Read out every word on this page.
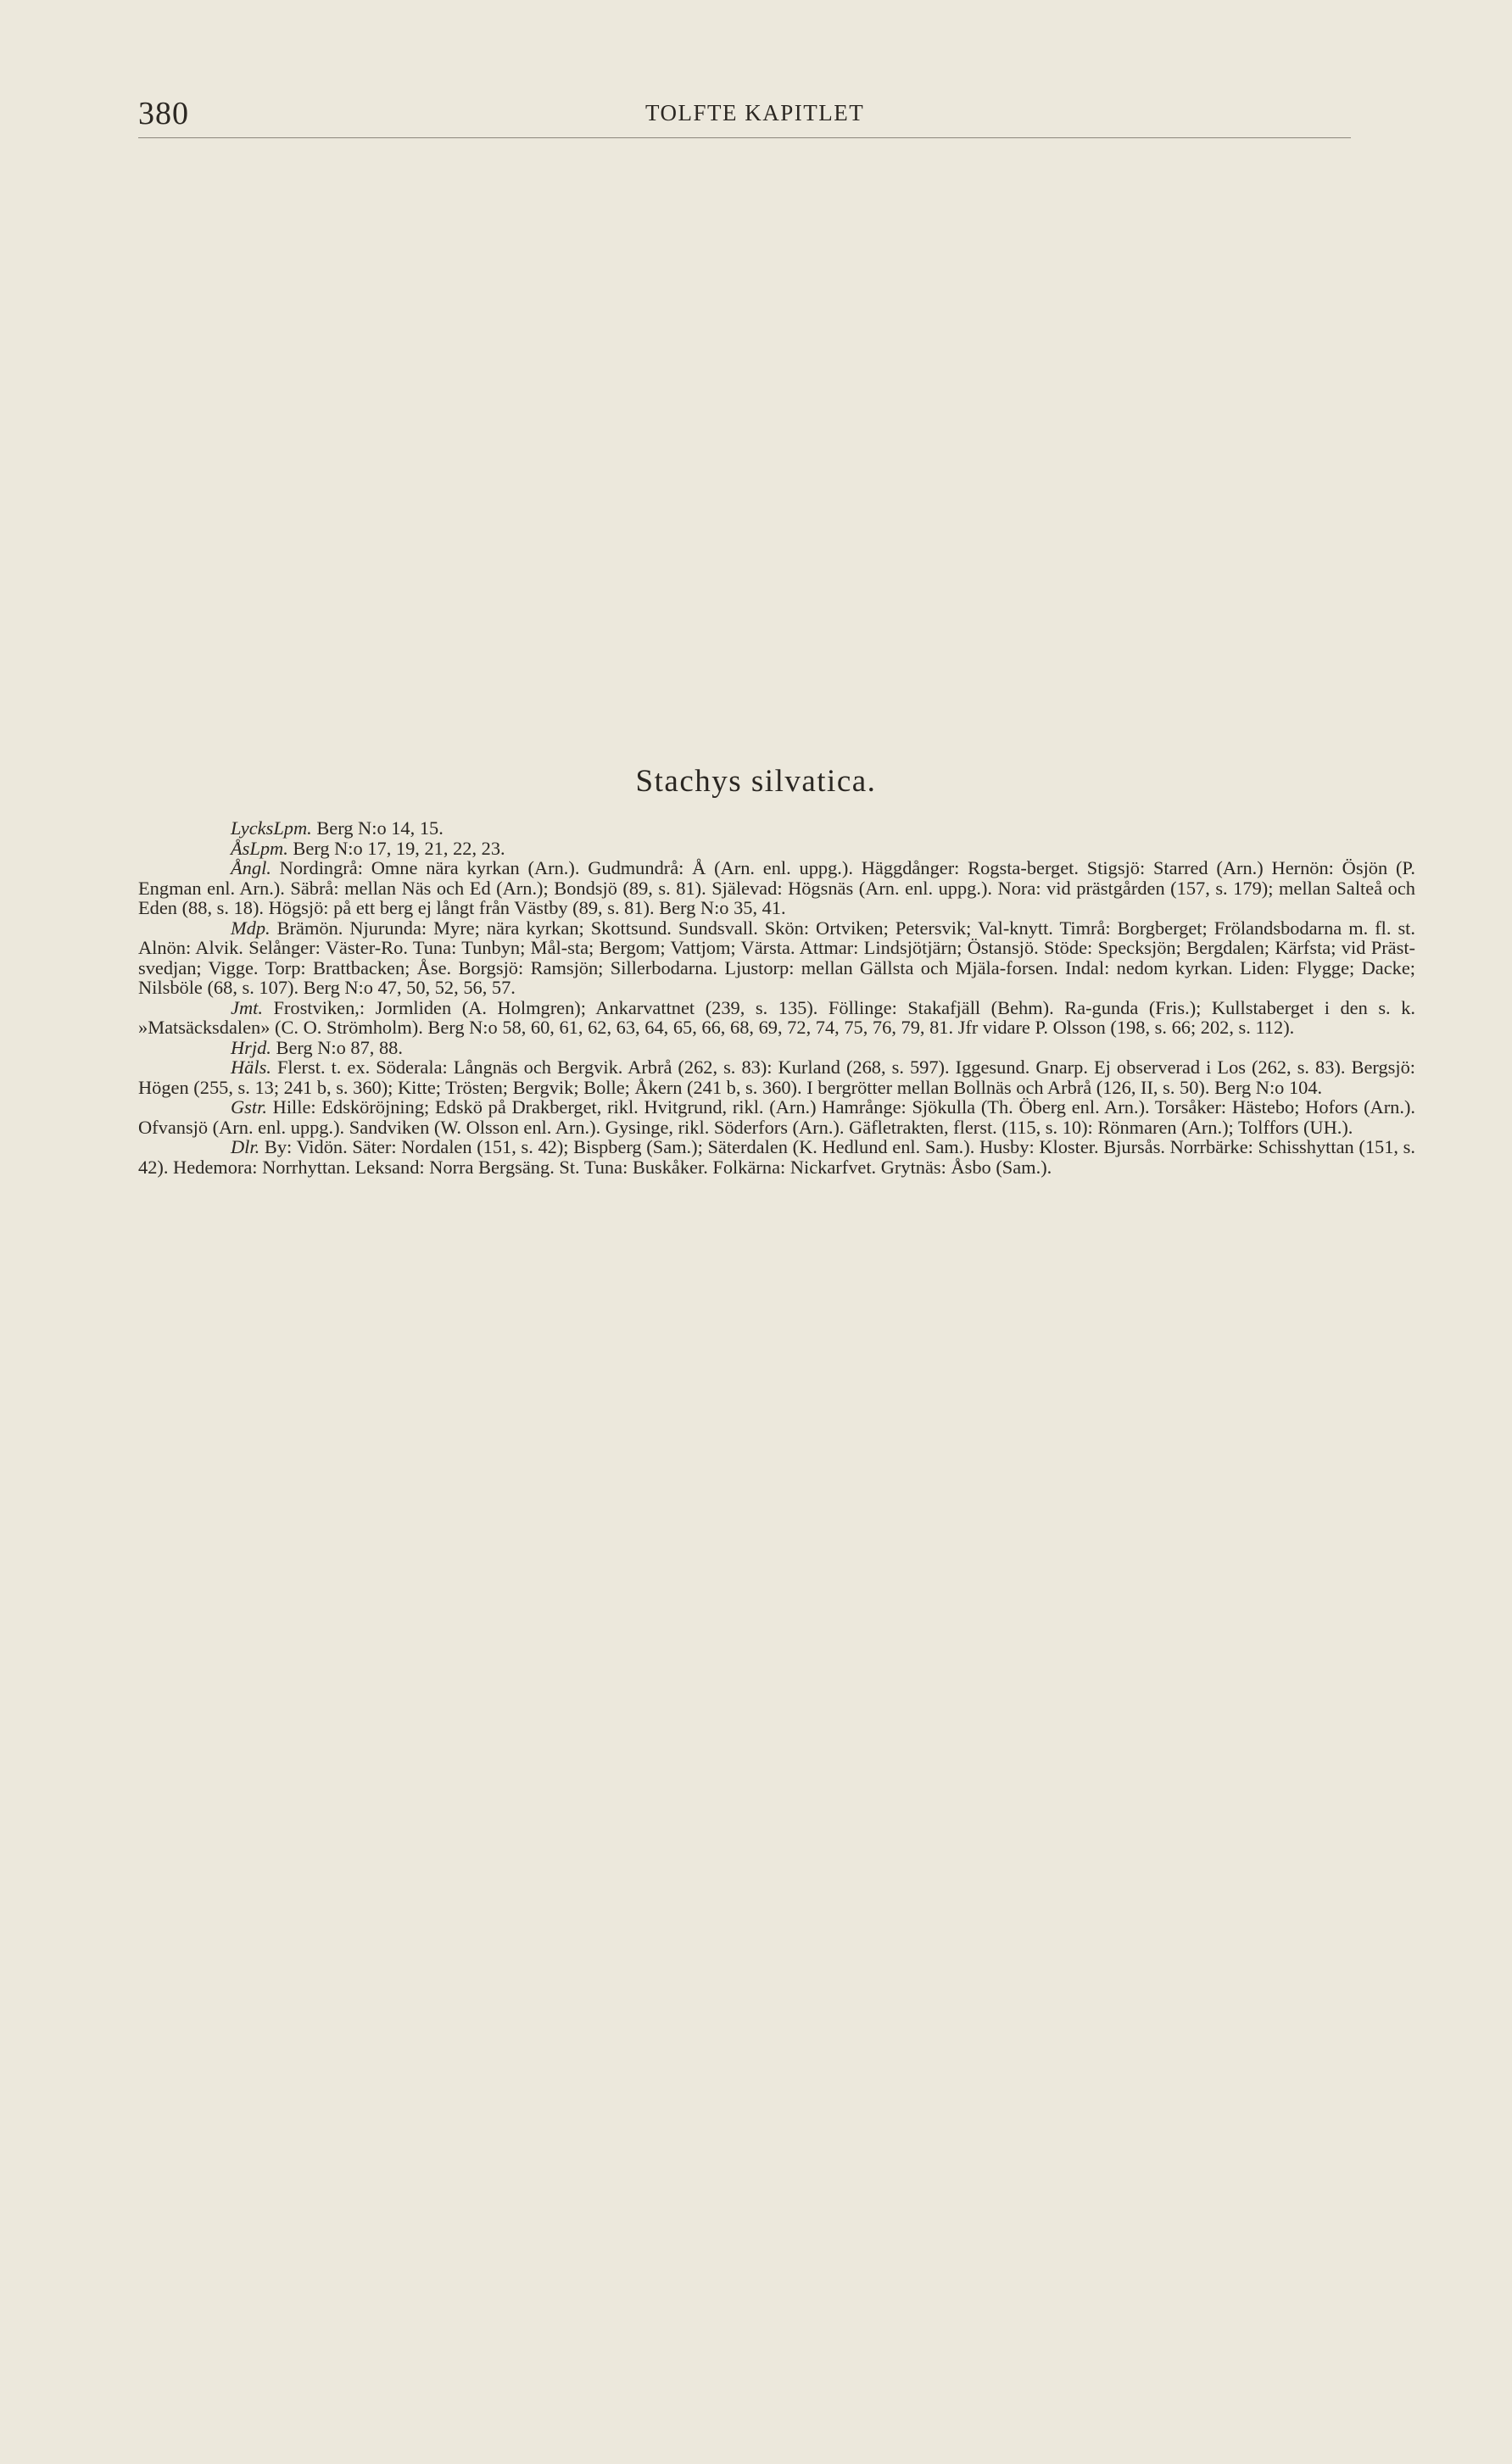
380	TOLFTE KAPITLET
Stachys silvatica.

LycksLpm. Berg N:o 14, 15.

ÅsLpm. Berg N:o 17, 19, 21, 22, 23.

Ångl. Nordingrå: Omne nära kyrkan (Arn.). Gudmundrå: Å (Arn. enl. uppg.). Häggdånger: Rogsta-berget. Stigsjö: Starred (Arn.) Hernön: Ösjön (P. Engman enl. Arn.). Säbrå: mellan Näs och Ed (Arn.); Bondsjö (89, s. 81). Själevad: Högsnäs (Arn. enl. uppg.). Nora: vid prästgården (157, s. 179); mellan Salteå och Eden (88, s. 18). Högsjö: på ett berg ej långt från Västby (89, s. 81). Berg N:o 35, 41.

Mdp. Brämön. Njurunda: Myre; nära kyrkan; Skottsund. Sundsvall. Skön: Ortviken; Petersvik; Val-knytt. Timrå: Borgberget; Frölandsbodarna m. fl. st. Alnön: Alvik. Selånger: Väster-Ro. Tuna: Tunbyn; Mål-sta; Bergom; Vattjom; Värsta. Attmar: Lindsjötjärn; Östansjö. Stöde: Specksjön; Bergdalen; Kärfsta; vid Präst-svedjan; Vigge. Torp: Brattbacken; Åse. Borgsjö: Ramsjön; Sillerbodarna. Ljustorp: mellan Gällsta och Mjäla-forsen. Indal: nedom kyrkan. Liden: Flygge; Dacke; Nilsböle (68, s. 107). Berg N:o 47, 50, 52, 56, 57.

Jmt. Frostviken,: Jormliden (A. Holmgren); Ankarvattnet (239, s. 135). Föllinge: Stakafjäll (Behm). Ra-gunda (Fris.); Kullstaberget i den s. k. »Matsäcksdalen» (C. O. Strömholm). Berg N:o 58, 60, 61, 62, 63, 64, 65, 66, 68, 69, 72, 74, 75, 76, 79, 81. Jfr vidare P. Olsson (198, s. 66; 202, s. 112).

Hrjd. Berg N:o 87, 88.

Häls. Flerst. t. ex. Söderala: Långnäs och Bergvik. Arbrå (262, s. 83): Kurland (268, s. 597). Iggesund. Gnarp. Ej observerad i Los (262, s. 83). Bergsjö: Högen (255, s. 13; 241 b, s. 360); Kitte; Trösten; Bergvik; Bolle; Åkern (241 b, s. 360). I bergrötter mellan Bollnäs och Arbrå (126, II, s. 50). Berg N:o 104.

Gstr. Hille: Edsköröjning; Edskö på Drakberget, rikl. Hvitgrund, rikl. (Arn.) Hamrånge: Sjökulla (Th. Öberg enl. Arn.). Torsåker: Hästebo; Hofors (Arn.). Ofvansjö (Arn. enl. uppg.). Sandviken (W. Olsson enl. Arn.). Gysinge, rikl. Söderfors (Arn.). Gäfletrakten, flerst. (115, s. 10): Rönmaren (Arn.); Tolffors (UH.).

Dlr. By: Vidön. Säter: Nordalen (151, s. 42); Bispberg (Sam.); Säterdalen (K. Hedlund enl. Sam.). Husby: Kloster. Bjursås. Norrbärke: Schisshyttan (151, s. 42). Hedemora: Norrhyttan. Leksand: Norra Bergsäng. St. Tuna: Buskåker. Folkärna: Nickarfvet. Grytnäs: Åsbo (Sam.).
